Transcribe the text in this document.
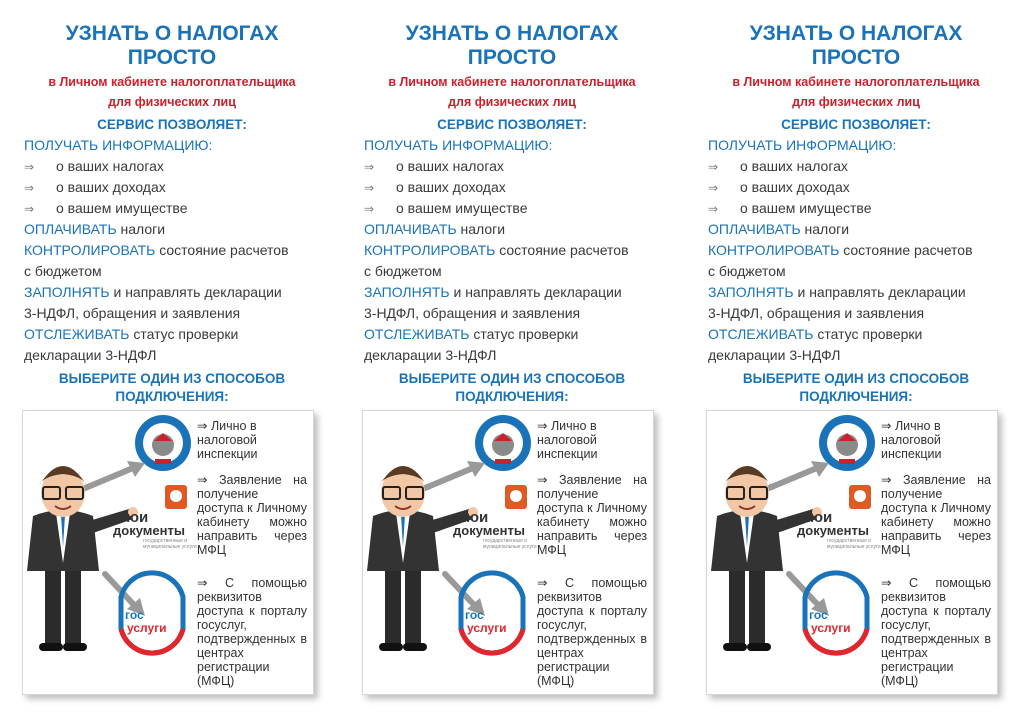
УЗНАТЬ О НАЛОГАХ
ПРОСТО
в Личном кабинете налогоплательщика
для физических лиц
СЕРВИС ПОЗВОЛЯЕТ:
ПОЛУЧАТЬ ИНФОРМАЦИЮ:
⇒ о ваших налогах
⇒ о ваших доходах
⇒ о вашем имуществе
ОПЛАЧИВАТЬ налоги
КОНТРОЛИРОВАТЬ состояние расчетов
с бюджетом
ЗАПОЛНЯТЬ и направлять декларации
3-НДФЛ, обращения и заявления
ОТСЛЕЖИВАТЬ статус проверки
декларации 3-НДФЛ
ВЫБЕРИТЕ ОДИН ИЗ СПОСОБОВ
ПОДКЛЮЧЕНИЯ:
⇒ Лично в налоговой инспекции
⇒ Заявление на получение доступа к Личному кабинету можно направить через МФЦ
⇒ С помощью реквизитов доступа к порталу госуслуг, подтвержденных в центрах регистрации (МФЦ)
мои
документы
государственные и муниципальные услуги
гос
услуги
УЗНАТЬ О НАЛОГАХ
ПРОСТО
в Личном кабинете налогоплательщика
для физических лиц
СЕРВИС ПОЗВОЛЯЕТ:
ПОЛУЧАТЬ ИНФОРМАЦИЮ:
⇒ о ваших налогах
⇒ о ваших доходах
⇒ о вашем имуществе
ОПЛАЧИВАТЬ налоги
КОНТРОЛИРОВАТЬ состояние расчетов
с бюджетом
ЗАПОЛНЯТЬ и направлять декларации
3-НДФЛ, обращения и заявления
ОТСЛЕЖИВАТЬ статус проверки
декларации 3-НДФЛ
ВЫБЕРИТЕ ОДИН ИЗ СПОСОБОВ
ПОДКЛЮЧЕНИЯ:
⇒ Лично в налоговой инспекции
⇒ Заявление на получение доступа к Личному кабинету можно направить через МФЦ
⇒ С помощью реквизитов доступа к порталу госуслуг, подтвержденных в центрах регистрации (МФЦ)
мои
документы
государственные и муниципальные услуги
гос
услуги
УЗНАТЬ О НАЛОГАХ
ПРОСТО
в Личном кабинете налогоплательщика
для физических лиц
СЕРВИС ПОЗВОЛЯЕТ:
ПОЛУЧАТЬ ИНФОРМАЦИЮ:
⇒ о ваших налогах
⇒ о ваших доходах
⇒ о вашем имуществе
ОПЛАЧИВАТЬ налоги
КОНТРОЛИРОВАТЬ состояние расчетов
с бюджетом
ЗАПОЛНЯТЬ и направлять декларации
3-НДФЛ, обращения и заявления
ОТСЛЕЖИВАТЬ статус проверки
декларации 3-НДФЛ
ВЫБЕРИТЕ ОДИН ИЗ СПОСОБОВ
ПОДКЛЮЧЕНИЯ:
⇒ Лично в налоговой инспекции
⇒ Заявление на получение доступа к Личному кабинету можно направить через МФЦ
⇒ С помощью реквизитов доступа к порталу госуслуг, подтвержденных в центрах регистрации (МФЦ)
мои
документы
государственные и муниципальные услуги
гос
услуги
